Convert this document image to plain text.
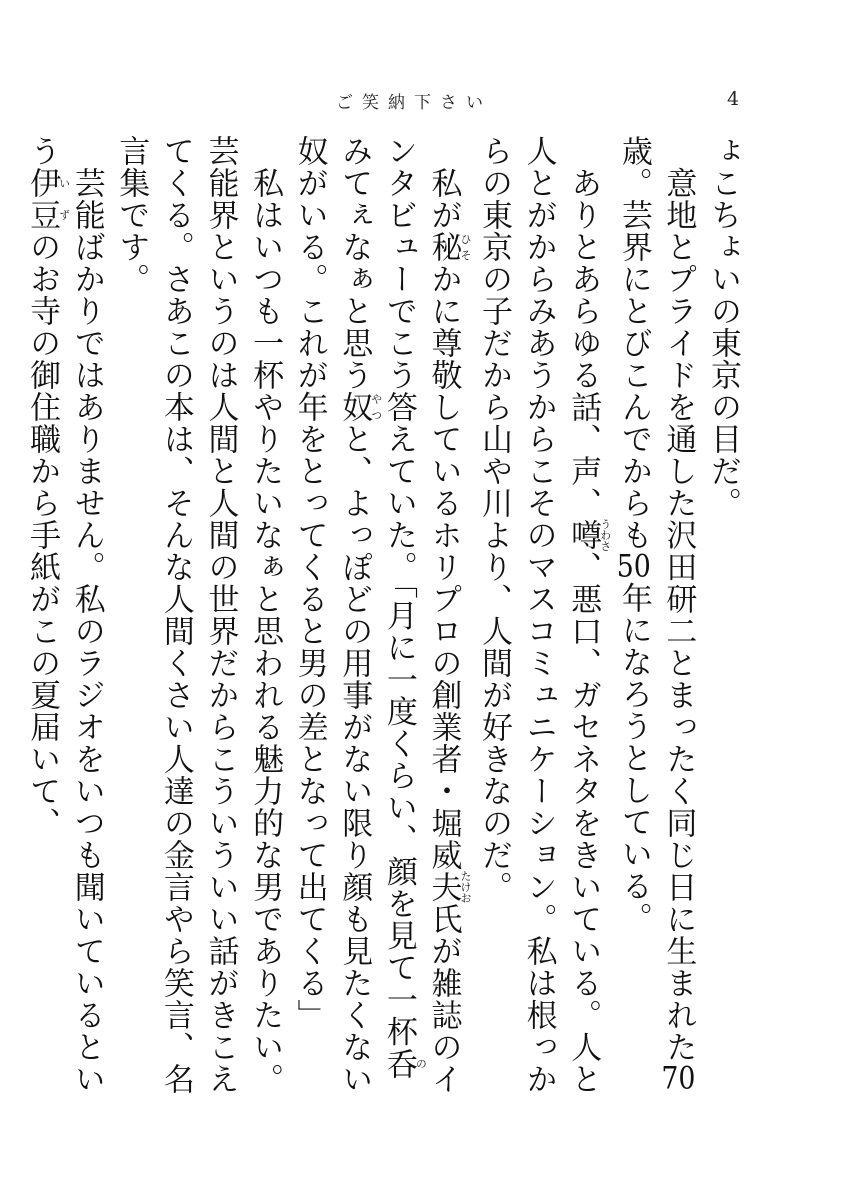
ご笑納下さい	4

ょこちょいの東京の目だ。

　意地とプライドを通した沢田研二とまったく同じ日に生まれた70歳。芸界にとびこんでからも50年になろうとしている。

　ありとあらゆる話、声、噂うわさ、悪口、ガセネタをきいている。人と人とがからみあうからこそのマスコミュニケーション。私は根っからの東京の子だから山や川より、人間が好きなのだ。

　私が秘ひそかに尊敬しているホリプロの創業者・堀威夫たけお氏が雑誌のインタビューでこう答えていた。「月に一度くらい、顔を見て一杯呑のみてぇなぁと思う奴やつと、よっぽどの用事がない限り顔も見たくない奴がいる。これが年をとってくると男の差となって出てくる」

　私はいつも一杯やりたいなぁと思われる魅力的な男でありたい。芸能界というのは人間と人間の世界だからこういういい話がきこえてくる。さあこの本は、そんな人間くさい人達の金言やら笑言、名言集です。

　芸能ばかりではありません。私のラジオをいつも聞いているという伊豆いずのお寺の御住職から手紙がこの夏届いて、
